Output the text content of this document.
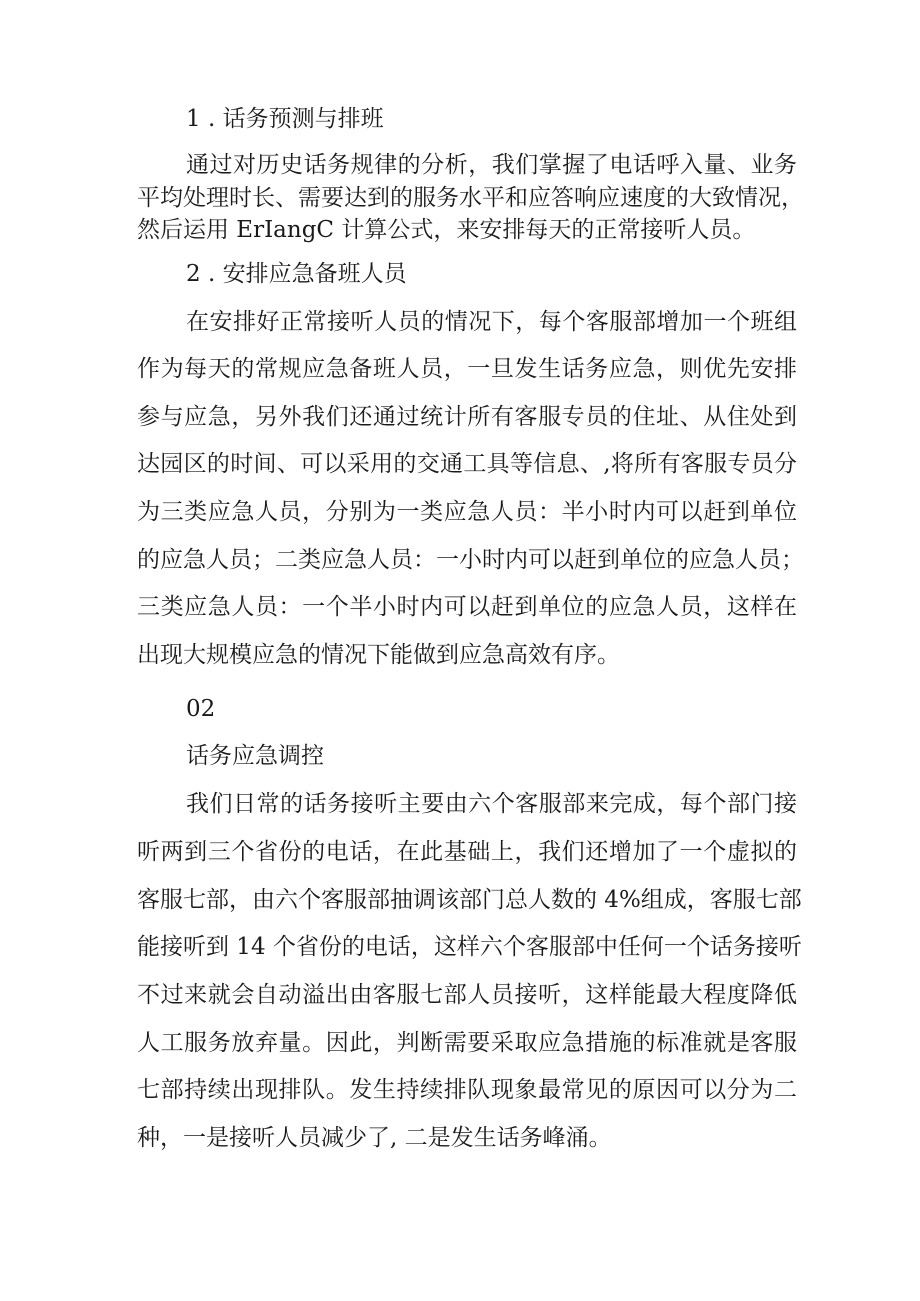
1 . 话务预测与排班
通过对历史话务规律的分析，我们掌握了电话呼入量、业务
平均处理时长、需要达到的服务水平和应答响应速度的大致情况，
然后运用 ErIangC 计算公式，来安排每天的正常接听人员。
2 . 安排应急备班人员
在安排好正常接听人员的情况下，每个客服部增加一个班组
作为每天的常规应急备班人员，一旦发生话务应急，则优先安排
参与应急，另外我们还通过统计所有客服专员的住址、从住处到
达园区的时间、可以采用的交通工具等信息、,将所有客服专员分
为三类应急人员，分别为一类应急人员：半小时内可以赶到单位
的应急人员；二类应急人员：一小时内可以赶到单位的应急人员；
三类应急人员：一个半小时内可以赶到单位的应急人员，这样在
出现大规模应急的情况下能做到应急高效有序。
02
话务应急调控
我们日常的话务接听主要由六个客服部来完成，每个部门接
听两到三个省份的电话，在此基础上，我们还增加了一个虚拟的
客服七部，由六个客服部抽调该部门总人数的 4%组成，客服七部
能接听到 14 个省份的电话，这样六个客服部中任何一个话务接听
不过来就会自动溢出由客服七部人员接听，这样能最大程度降低
人工服务放弃量。因此，判断需要采取应急措施的标准就是客服
七部持续出现排队。发生持续排队现象最常见的原因可以分为二
种，一是接听人员减少了, 二是发生话务峰涌。
